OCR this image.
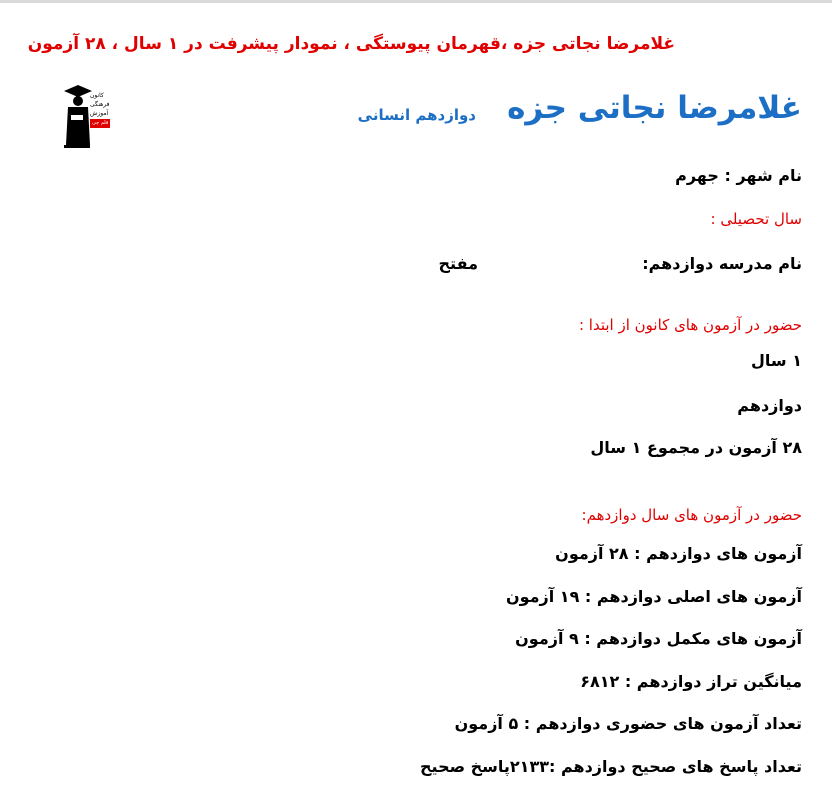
غلامرضا نجاتی جزه ،قهرمان پیوستگی ، نمودار پیشرفت در ۱ سال ، ۲۸ آزمون
کانون
فرهنگی
آموزش
قلم چی	غلامرضا نجاتی جزه
دوازدهم انسانی
نام شهر : جهرم
سال تحصیلی :
نام مدرسه دوازدهم:
مفتح
حضور در آزمون های کانون از ابتدا :
۱ سال
دوازدهم
۲۸ آزمون در مجموع ۱ سال
حضور در آزمون های سال دوازدهم:
آزمون های دوازدهم : ۲۸ آزمون
آزمون های اصلی دوازدهم : ۱۹ آزمون
آزمون های مکمل دوازدهم : ۹ آزمون
میانگین تراز دوازدهم : ۶۸۱۲
تعداد آزمون های حضوری دوازدهم : ۵ آزمون
تعداد پاسخ های صحیح دوازدهم :۲۱۳۳پاسخ صحیح
